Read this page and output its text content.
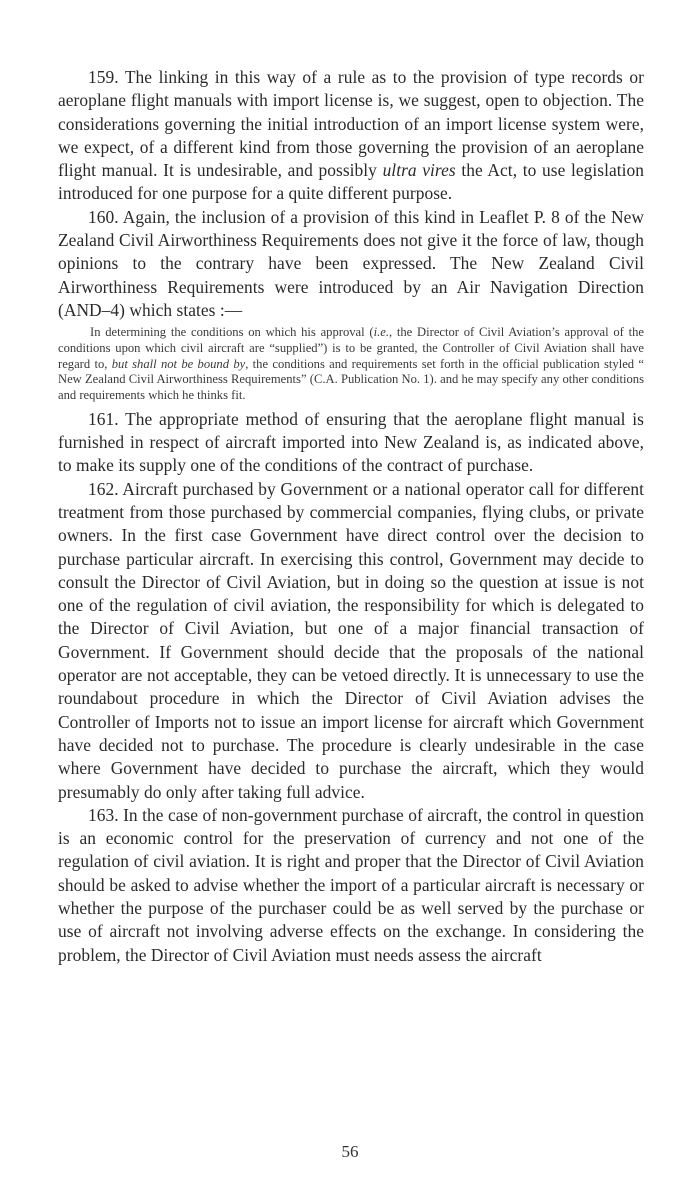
159. The linking in this way of a rule as to the provision of type records or aeroplane flight manuals with import license is, we suggest, open to objection. The considerations governing the initial introduction of an import license system were, we expect, of a different kind from those governing the provision of an aeroplane flight manual. It is undesirable, and possibly ultra vires the Act, to use legislation introduced for one purpose for a quite different purpose.

160. Again, the inclusion of a provision of this kind in Leaflet P. 8 of the New Zealand Civil Airworthiness Requirements does not give it the force of law, though opinions to the contrary have been expressed. The New Zealand Civil Airworthiness Requirements were introduced by an Air Navigation Direction (AND–4) which states :—

In determining the conditions on which his approval (i.e., the Director of Civil Aviation’s approval of the conditions upon which civil aircraft are “supplied”) is to be granted, the Controller of Civil Aviation shall have regard to, but shall not be bound by, the conditions and requirements set forth in the official publication styled “ New Zealand Civil Airworthiness Requirements” (C.A. Publication No. 1). and he may specify any other conditions and requirements which he thinks fit.

161. The appropriate method of ensuring that the aeroplane flight manual is furnished in respect of aircraft imported into New Zealand is, as indicated above, to make its supply one of the conditions of the contract of purchase.

162. Aircraft purchased by Government or a national operator call for different treatment from those purchased by commercial companies, flying clubs, or private owners. In the first case Government have direct control over the decision to purchase particular aircraft. In exercising this control, Government may decide to consult the Director of Civil Aviation, but in doing so the question at issue is not one of the regulation of civil aviation, the responsibility for which is delegated to the Director of Civil Aviation, but one of a major financial transaction of Government. If Government should decide that the proposals of the national operator are not acceptable, they can be vetoed directly. It is unnecessary to use the roundabout procedure in which the Director of Civil Aviation advises the Controller of Imports not to issue an import license for aircraft which Government have decided not to purchase. The procedure is clearly undesirable in the case where Government have decided to purchase the aircraft, which they would presumably do only after taking full advice.

163. In the case of non-government purchase of aircraft, the control in question is an economic control for the preservation of currency and not one of the regulation of civil aviation. It is right and proper that the Director of Civil Aviation should be asked to advise whether the import of a particular aircraft is necessary or whether the purpose of the purchaser could be as well served by the purchase or use of aircraft not involving adverse effects on the exchange. In considering the problem, the Director of Civil Aviation must needs assess the aircraft

56
